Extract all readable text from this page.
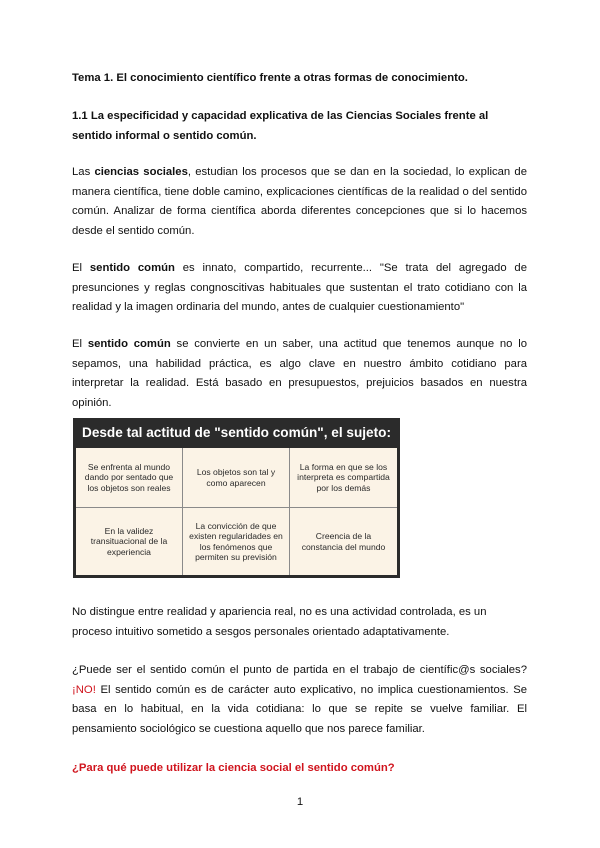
Tema 1. El conocimiento científico frente a otras formas de conocimiento.
1.1 La especificidad y capacidad explicativa de las Ciencias Sociales frente al sentido informal o sentido común.
Las ciencias sociales, estudian los procesos que se dan en la sociedad, lo explican de manera científica, tiene doble camino, explicaciones científicas de la realidad o del sentido común. Analizar de forma científica aborda diferentes concepciones que si lo hacemos desde el sentido común.
El sentido común es innato, compartido, recurrente... "Se trata del agregado de presunciones y reglas congnoscitivas habituales que sustentan el trato cotidiano con la realidad y la imagen ordinaria del mundo, antes de cualquier cuestionamiento"
El sentido común se convierte en un saber, una actitud que tenemos aunque no lo sepamos, una habilidad práctica, es algo clave en nuestro ámbito cotidiano para interpretar la realidad. Está basado en presupuestos, prejuicios basados en nuestra opinión.
Desde tal actitud de "sentido común", el sujeto:
Se enfrenta al mundo dando por sentado que los objetos son reales
Los objetos son tal y como aparecen
La forma en que se los interpreta es compartida por los demás
En la validez transituacional de la experiencia
La convicción de que existen regularidades en los fenómenos que permiten su previsión
Creencia de la constancia del mundo
No distingue entre realidad y apariencia real, no es una actividad controlada, es un proceso intuitivo sometido a sesgos personales orientado adaptativamente.
¿Puede ser el sentido común el punto de partida en el trabajo de científic@s sociales? ¡NO! El sentido común es de carácter auto explicativo, no implica cuestionamientos. Se basa en lo habitual, en la vida cotidiana: lo que se repite se vuelve familiar. El pensamiento sociológico se cuestiona aquello que nos parece familiar.
¿Para qué puede utilizar la ciencia social el sentido común?
1
